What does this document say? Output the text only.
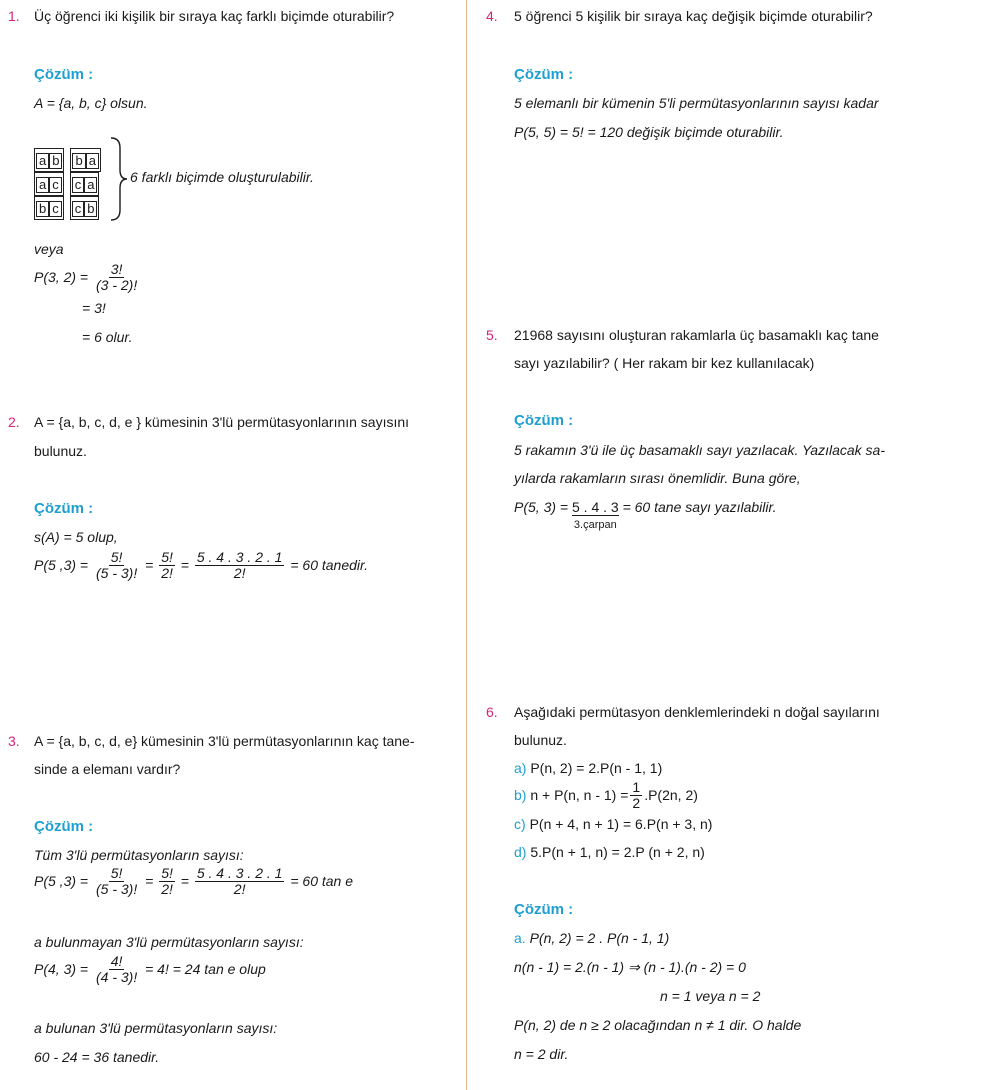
1. Üç öğrenci iki kişilik bir sıraya kaç farklı biçimde oturabilir?
Çözüm :
A = {a, b, c} olsun.
a b b a
a c c a
b c c b
6 farklı biçimde oluşturulabilir.
veya
P(3, $2) = \frac{3!}{(3 - 2)!}$
= 3!
= 6 olur.
2. A = {a, b, c, d, e } kümesinin 3'lü permütasyonlarının sayısını
bulunuz.
Çözüm :
s(A) = 5 olup,
P(5 $,3) = \frac{5!}{(5 - 3)!} = \frac{5!}{2!} = \frac{5 . 4 . 3 . 2 . 1}{2!} = 60$ tanedir.
3. A = {a, b, c, d, e} kümesinin 3'lü permütasyonlarının kaç tane-
sinde a elemanı vardır?
Çözüm :
Tüm 3'lü permütasyonların sayısı:
P(5 $,3) = \frac{5!}{(5 - 3)!} = \frac{5!}{2!} = \frac{5 . 4 . 3 . 2 . 1}{2!} = 60$ tan e
a bulunmayan 3'lü permütasyonların sayısı:
P(4, $3) = \frac{4!}{(4 - 3)!} = 4$! = 24 tan e olup
a bulunan 3'lü permütasyonların sayısı:
60 - 24 = 36 tanedir.
4. 5 öğrenci 5 kişilik bir sıraya kaç değişik biçimde oturabilir?
Çözüm :
5 elemanlı bir kümenin 5'li permütasyonlarının sayısı kadar
P(5, 5) = 5! = 120 değişik biçimde oturabilir.
5. 21968 sayısını oluşturan rakamlarla üç basamaklı kaç tane
sayı yazılabilir? ( Her rakam bir kez kullanılacak)
Çözüm :
5 rakamın 3'ü ile üç basamaklı sayı yazılacak. Yazılacak sa-
yılarda rakamların sırası önemlidir. Buna göre,
P(5, 3) = 5 . 4 . 3
3.çarpan = 60 tane sayı yazılabilir.
6. Aşağıdaki permütasyon denklemlerindeki n doğal sayılarını
bulunuz.
a) P(n, 2) = 2.P(n - 1, 1)
b) n + P(n, $n - 1) = \frac{1}{2} .P(2n$, 2)
c) P(n + 4, n + 1) = 6.P(n + 3, n)
d) 5.P(n + 1, n) = 2.P (n + 2, n)
Çözüm :
a. P(n, 2) = 2 . P(n - 1, 1)
n(n - 1) = 2.(n - 1) ⇒ (n - 1).(n - 2) = 0
n = 1 veya n = 2
P(n, 2) de n ≥ 2 olacağından n ≠ 1 dir. O halde
n = 2 dir.
